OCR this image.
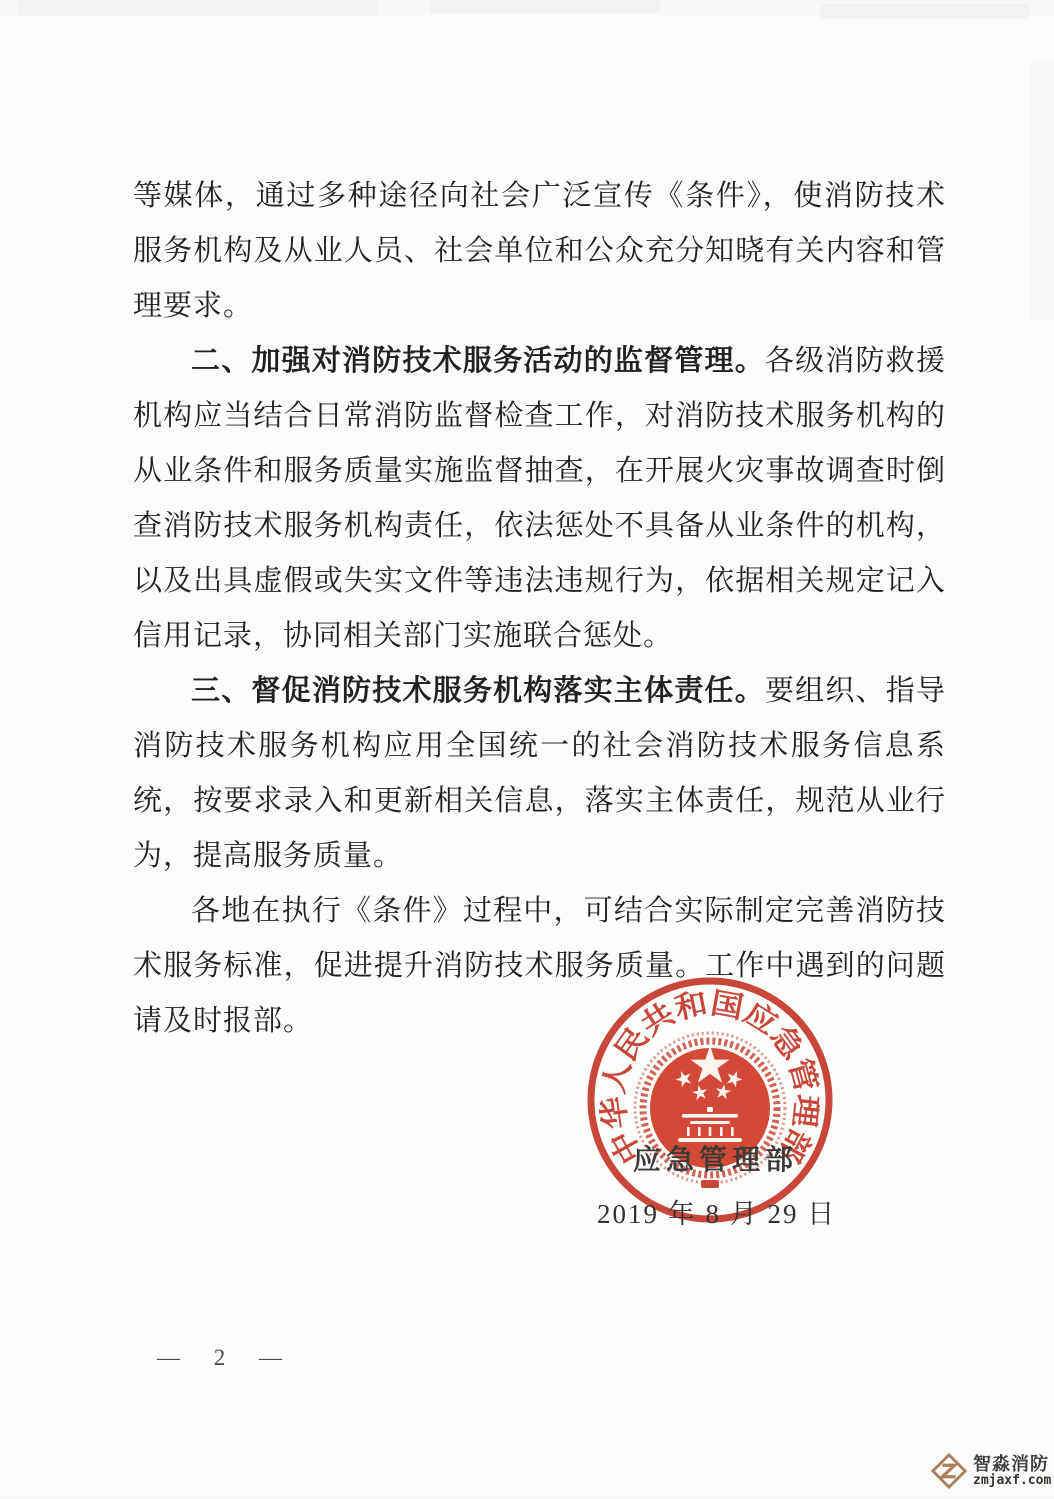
等媒体，通过多种途径向社会广泛宣传《条件》，使消防技术服务机构及从业人员、社会单位和公众充分知晓有关内容和管理要求。

二、加强对消防技术服务活动的监督管理。各级消防救援机构应当结合日常消防监督检查工作，对消防技术服务机构的从业条件和服务质量实施监督抽查，在开展火灾事故调查时倒查消防技术服务机构责任，依法惩处不具备从业条件的机构，以及出具虚假或失实文件等违法违规行为，依据相关规定记入信用记录，协同相关部门实施联合惩处。

三、督促消防技术服务机构落实主体责任。要组织、指导消防技术服务机构应用全国统一的社会消防技术服务信息系统，按要求录入和更新相关信息，落实主体责任，规范从业行为，提高服务质量。

各地在执行《条件》过程中，可结合实际制定完善消防技术服务标准，促进提升消防技术服务质量。工作中遇到的问题请及时报部。

中华人民共和国应急管理部
应急管理部
2019 年 8 月 29 日
— 2 —
智淼消防
zmjaxf.com
